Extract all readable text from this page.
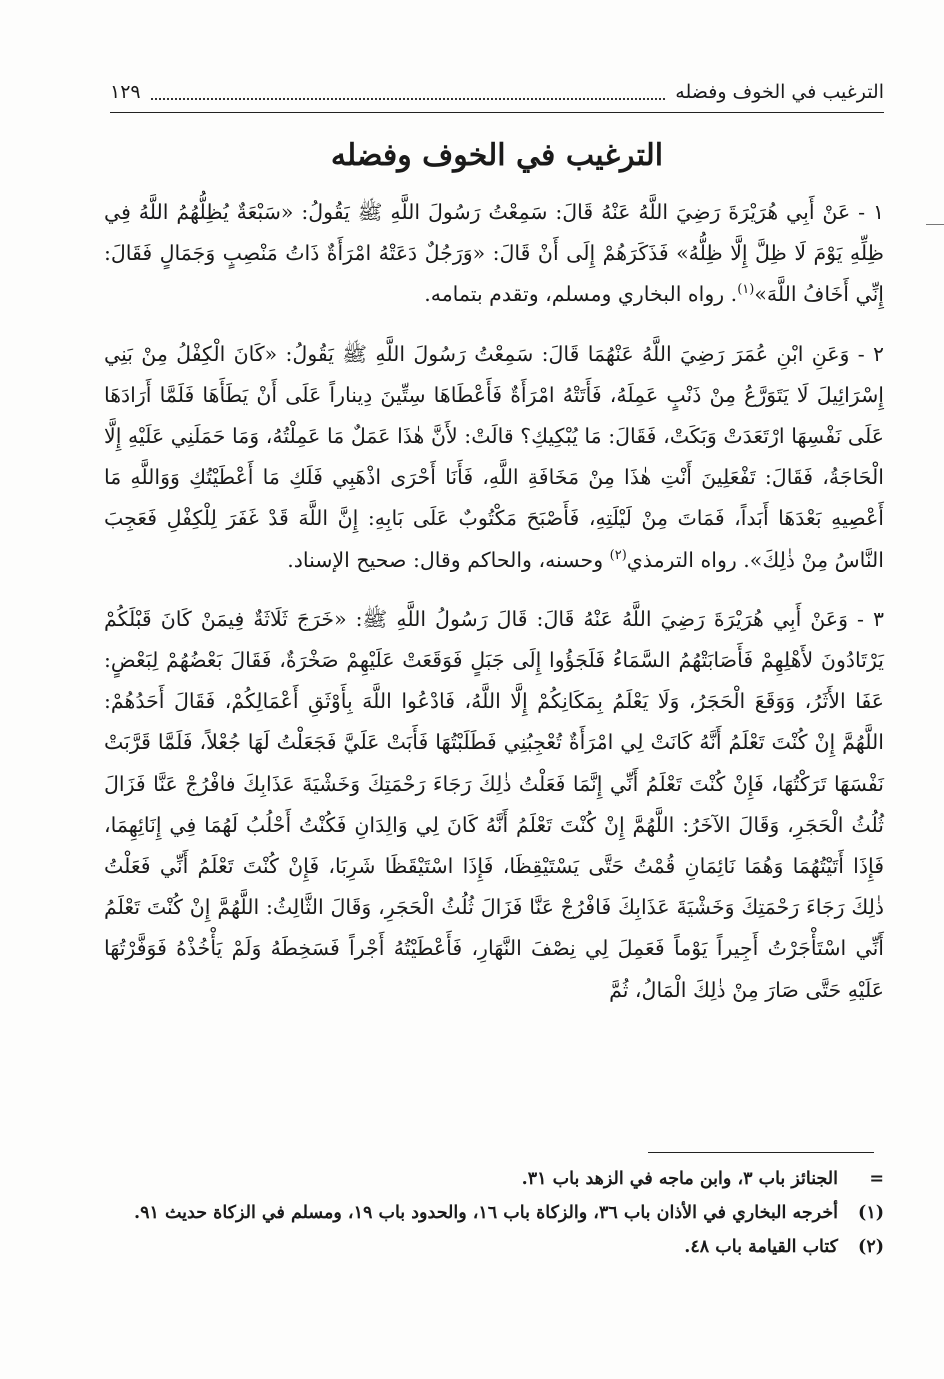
الترغيب في الخوف وفضله
١٢٩
الترغيب في الخوف وفضله

١ - عَنْ أَبِي هُرَيْرَةَ رَضِيَ اللَّهُ عَنْهُ قَالَ: سَمِعْتُ رَسُولَ اللَّهِ ﷺ يَقُولُ: «سَبْعَةٌ يُظِلُّهُمُ اللَّهُ فِي ظِلِّهِ يَوْمَ لَا ظِلَّ إِلَّا ظِلُّهُ» فَذَكَرَهُمْ إِلَى أَنْ قَالَ: «وَرَجُلٌ دَعَتْهُ امْرَأَةٌ ذَاتُ مَنْصِبٍ وَجَمَالٍ فَقَالَ: إِنِّي أَخَافُ اللَّهَ»$^{(١)}$. رواه البخاري ومسلم، وتقدم بتمامه.

٢ - وَعَنِ ابْنِ عُمَرَ رَضِيَ اللَّهُ عَنْهُمَا قَالَ: سَمِعْتُ رَسُولَ اللَّهِ ﷺ يَقُولُ: «كَانَ الْكِفْلُ مِنْ بَنِي إِسْرَائِيلَ لَا يَتَوَرَّعُ مِنْ ذَنْبٍ عَمِلَهُ، فَأَتَتْهُ امْرَأَةٌ فَأَعْطَاهَا سِتِّينَ دِيناراً عَلَى أَنْ يَطَأَهَا فَلَمَّا أَرَادَهَا عَلَى نَفْسِهَا ارْتَعَدَتْ وَبَكَتْ، فَقَالَ: مَا يُبْكِيكِ؟ قالَتْ: لأَنَّ هٰذَا عَمَلٌ مَا عَمِلْتُهُ، وَمَا حَمَلَنِي عَلَيْهِ إِلَّا الْحَاجَةُ، فَقَالَ: تَفْعَلِينَ أَنْتِ هٰذَا مِنْ مَخَافَةِ اللَّهِ، فَأَنَا أَحْرَى اذْهَبِي فَلَكِ مَا أَعْطَيْتُكِ وَوَاللَّهِ مَا أَعْصِيهِ بَعْدَهَا أَبَداً، فَمَاتَ مِنْ لَيْلَتِهِ، فَأَصْبَحَ مَكْتُوبٌ عَلَى بَابِهِ: إِنَّ اللَّهَ قَدْ غَفَرَ لِلْكِفْلِ فَعَجِبَ النَّاسُ مِنْ ذٰلِكَ». رواه الترمذي$^{(٢)}$ وحسنه، والحاكم وقال: صحيح الإسناد.

٣ - وَعَنْ أَبِي هُرَيْرَةَ رَضِيَ اللَّهُ عَنْهُ قَالَ: قَالَ رَسُولُ اللَّهِ ﷺ: «خَرَجَ ثَلَاثَةٌ فِيمَنْ كَانَ قَبْلَكُمْ يَرْتَادُونَ لأَهْلِهِمْ فَأَصَابَتْهُمُ السَّمَاءُ فَلَجَؤُوا إِلَى جَبَلٍ فَوَقَعَتْ عَلَيْهِمْ صَخْرَةٌ، فَقَالَ بَعْضُهُمْ لِبَعْضٍ: عَفَا الأَثَرُ، وَوَقَعَ الْحَجَرُ، وَلَا يَعْلَمُ بِمَكَانِكُمْ إِلَّا اللَّهُ، فَادْعُوا اللَّهَ بِأَوْثَقِ أَعْمَالِكُمْ، فَقَالَ أَحَدُهُمْ: اللَّهُمَّ إِنْ كُنْتَ تَعْلَمُ أَنَّهُ كَانَتْ لِي امْرَأَةٌ تُعْجِبُنِي فَطَلَبْتُهَا فَأَبَتْ عَلَيَّ فَجَعَلْتُ لَهَا جُعْلاً، فَلَمَّا قَرَّبَتْ نَفْسَهَا تَرَكْتُهَا، فَإِنْ كُنْتَ تَعْلَمُ أَنِّي إِنَّمَا فَعَلْتُ ذٰلِكَ رَجَاءَ رَحْمَتِكَ وَخَشْيَةَ عَذَابِكَ فافْرُجْ عَنَّا فَزَالَ ثُلُثُ الْحَجَرِ، وَقَالَ الآخَرُ: اللَّهُمَّ إِنْ كُنْتَ تَعْلَمُ أَنَّهُ كَانَ لِي وَالِدَانِ فَكُنْتُ أَحْلُبُ لَهُمَا فِي إِنَائِهِمَا، فَإِذَا أَتَيْتُهُمَا وَهُمَا نَائِمَانِ قُمْتُ حَتَّى يَسْتَيْقِظَا، فَإِذَا اسْتَيْقَظَا شَرِبَا، فَإِنْ كُنْتَ تَعْلَمُ أَنِّي فَعَلْتُ ذٰلِكَ رَجَاءَ رَحْمَتِكَ وَخَشْيَةَ عَذَابِكَ فَافْرُجْ عَنَّا فَزَالَ ثُلُثُ الْحَجَرِ، وَقَالَ الثَّالِثُ: اللَّهُمَّ إِنْ كُنْتَ تَعْلَمُ أَنِّي اسْتَأْجَرْتُ أَجِيراً يَوْماً فَعَمِلَ لِي نِصْفَ النَّهَارِ، فَأَعْطَيْتُهُ أَجْراً فَسَخِطَهُ وَلَمْ يَأْخُذْهُ فَوَفَّرْتُهَا عَلَيْهِ حَتَّى صَارَ مِنْ ذٰلِكَ الْمَالُ، ثُمَّ

=
الجنائز باب ٣، وابن ماجه في الزهد باب ٣١.
(١)
أخرجه البخاري في الأذان باب ٣٦، والزكاة باب ١٦، والحدود باب ١٩، ومسلم في الزكاة حديث ٩١.
(٢)
كتاب القيامة باب ٤٨.
